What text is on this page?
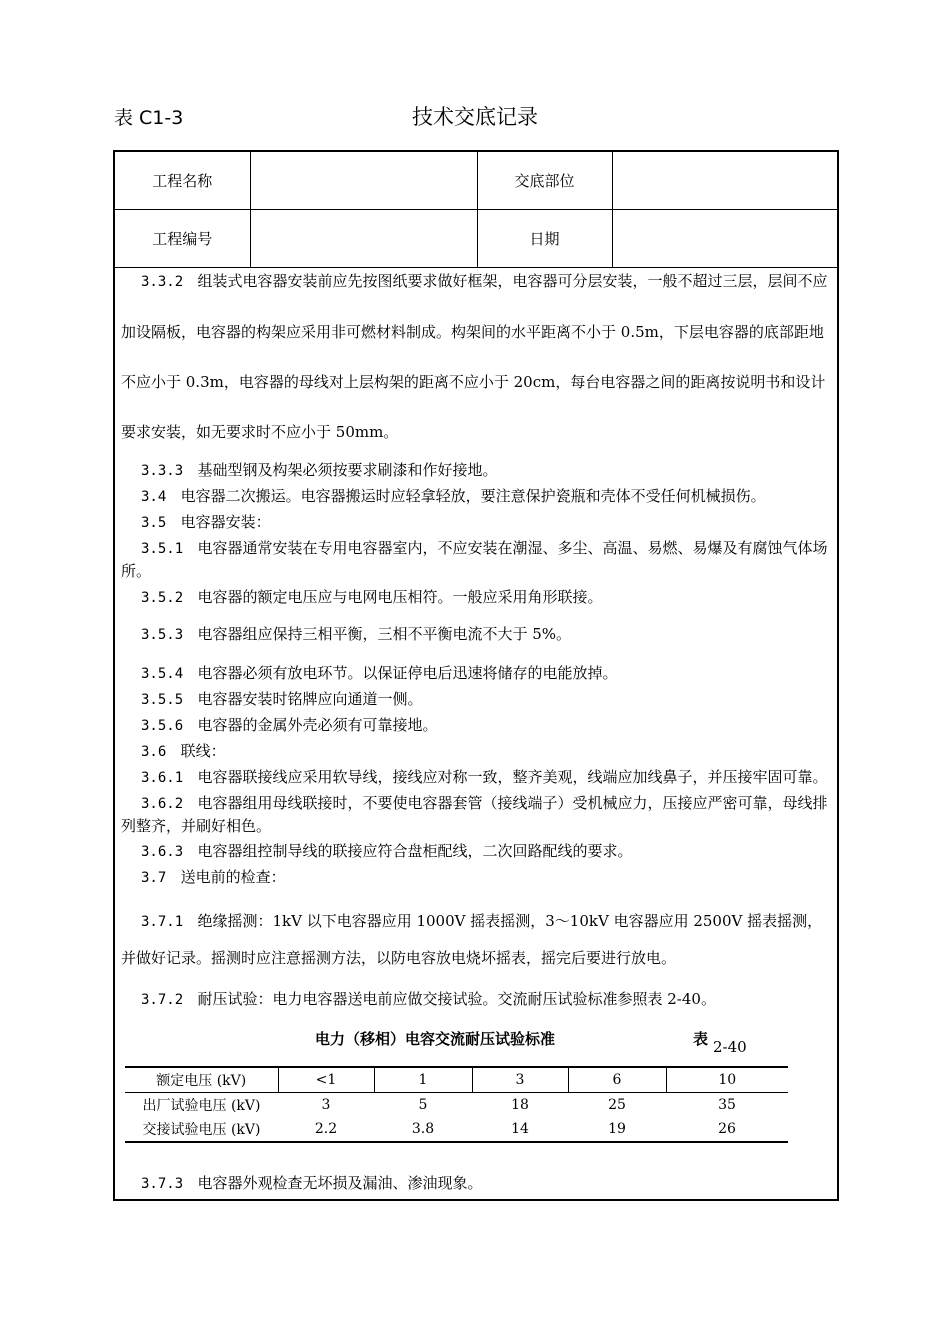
表 C1-3	技术交底记录
工程名称		交底部位	
工程编号		日期	

3.3.2 组装式电容器安装前应先按图纸要求做好框架，电容器可分层安装，一般不超过三层，层间不应加设隔板，电容器的构架应采用非可燃材料制成。构架间的水平距离不小于 0.5m，下层电容器的底部距地不应小于 0.3m，电容器的母线对上层构架的距离不应小于 20cm，每台电容器之间的距离按说明书和设计要求安装，如无要求时不应小于 50mm。

3.3.3 基础型钢及构架必须按要求刷漆和作好接地。

3.4 电容器二次搬运。电容器搬运时应轻拿轻放，要注意保护瓷瓶和壳体不受任何机械损伤。

3.5 电容器安装：

3.5.1 电容器通常安装在专用电容器室内，不应安装在潮湿、多尘、高温、易燃、易爆及有腐蚀气体场所。

3.5.2 电容器的额定电压应与电网电压相符。一般应采用角形联接。

3.5.3 电容器组应保持三相平衡，三相不平衡电流不大于 5%。

3.5.4 电容器必须有放电环节。以保证停电后迅速将储存的电能放掉。

3.5.5 电容器安装时铭牌应向通道一侧。

3.5.6 电容器的金属外壳必须有可靠接地。

3.6 联线：

3.6.1 电容器联接线应采用软导线，接线应对称一致，整齐美观，线端应加线鼻子，并压接牢固可靠。

3.6.2 电容器组用母线联接时，不要使电容器套管（接线端子）受机械应力，压接应严密可靠，母线排列整齐，并刷好相色。

3.6.3 电容器组控制导线的联接应符合盘柜配线，二次回路配线的要求。

3.7 送电前的检查：

3.7.1 绝缘摇测：1kV 以下电容器应用 1000V 摇表摇测，3～10kV 电容器应用 2500V 摇表摇测，并做好记录。摇测时应注意摇测方法，以防电容放电烧坏摇表，摇完后要进行放电。

3.7.2 耐压试验：电力电容器送电前应做交接试验。交流耐压试验标准参照表 2-40。

电力（移相）电容交流耐压试验标准	表 2-40
额定电压 (kV)	<1	1	3	6	10
出厂试验电压 (kV)	3	5	18	25	35
交接试验电压 (kV)	2.2	3.8	14	19	26

3.7.3 电容器外观检查无坏损及漏油、渗油现象。
